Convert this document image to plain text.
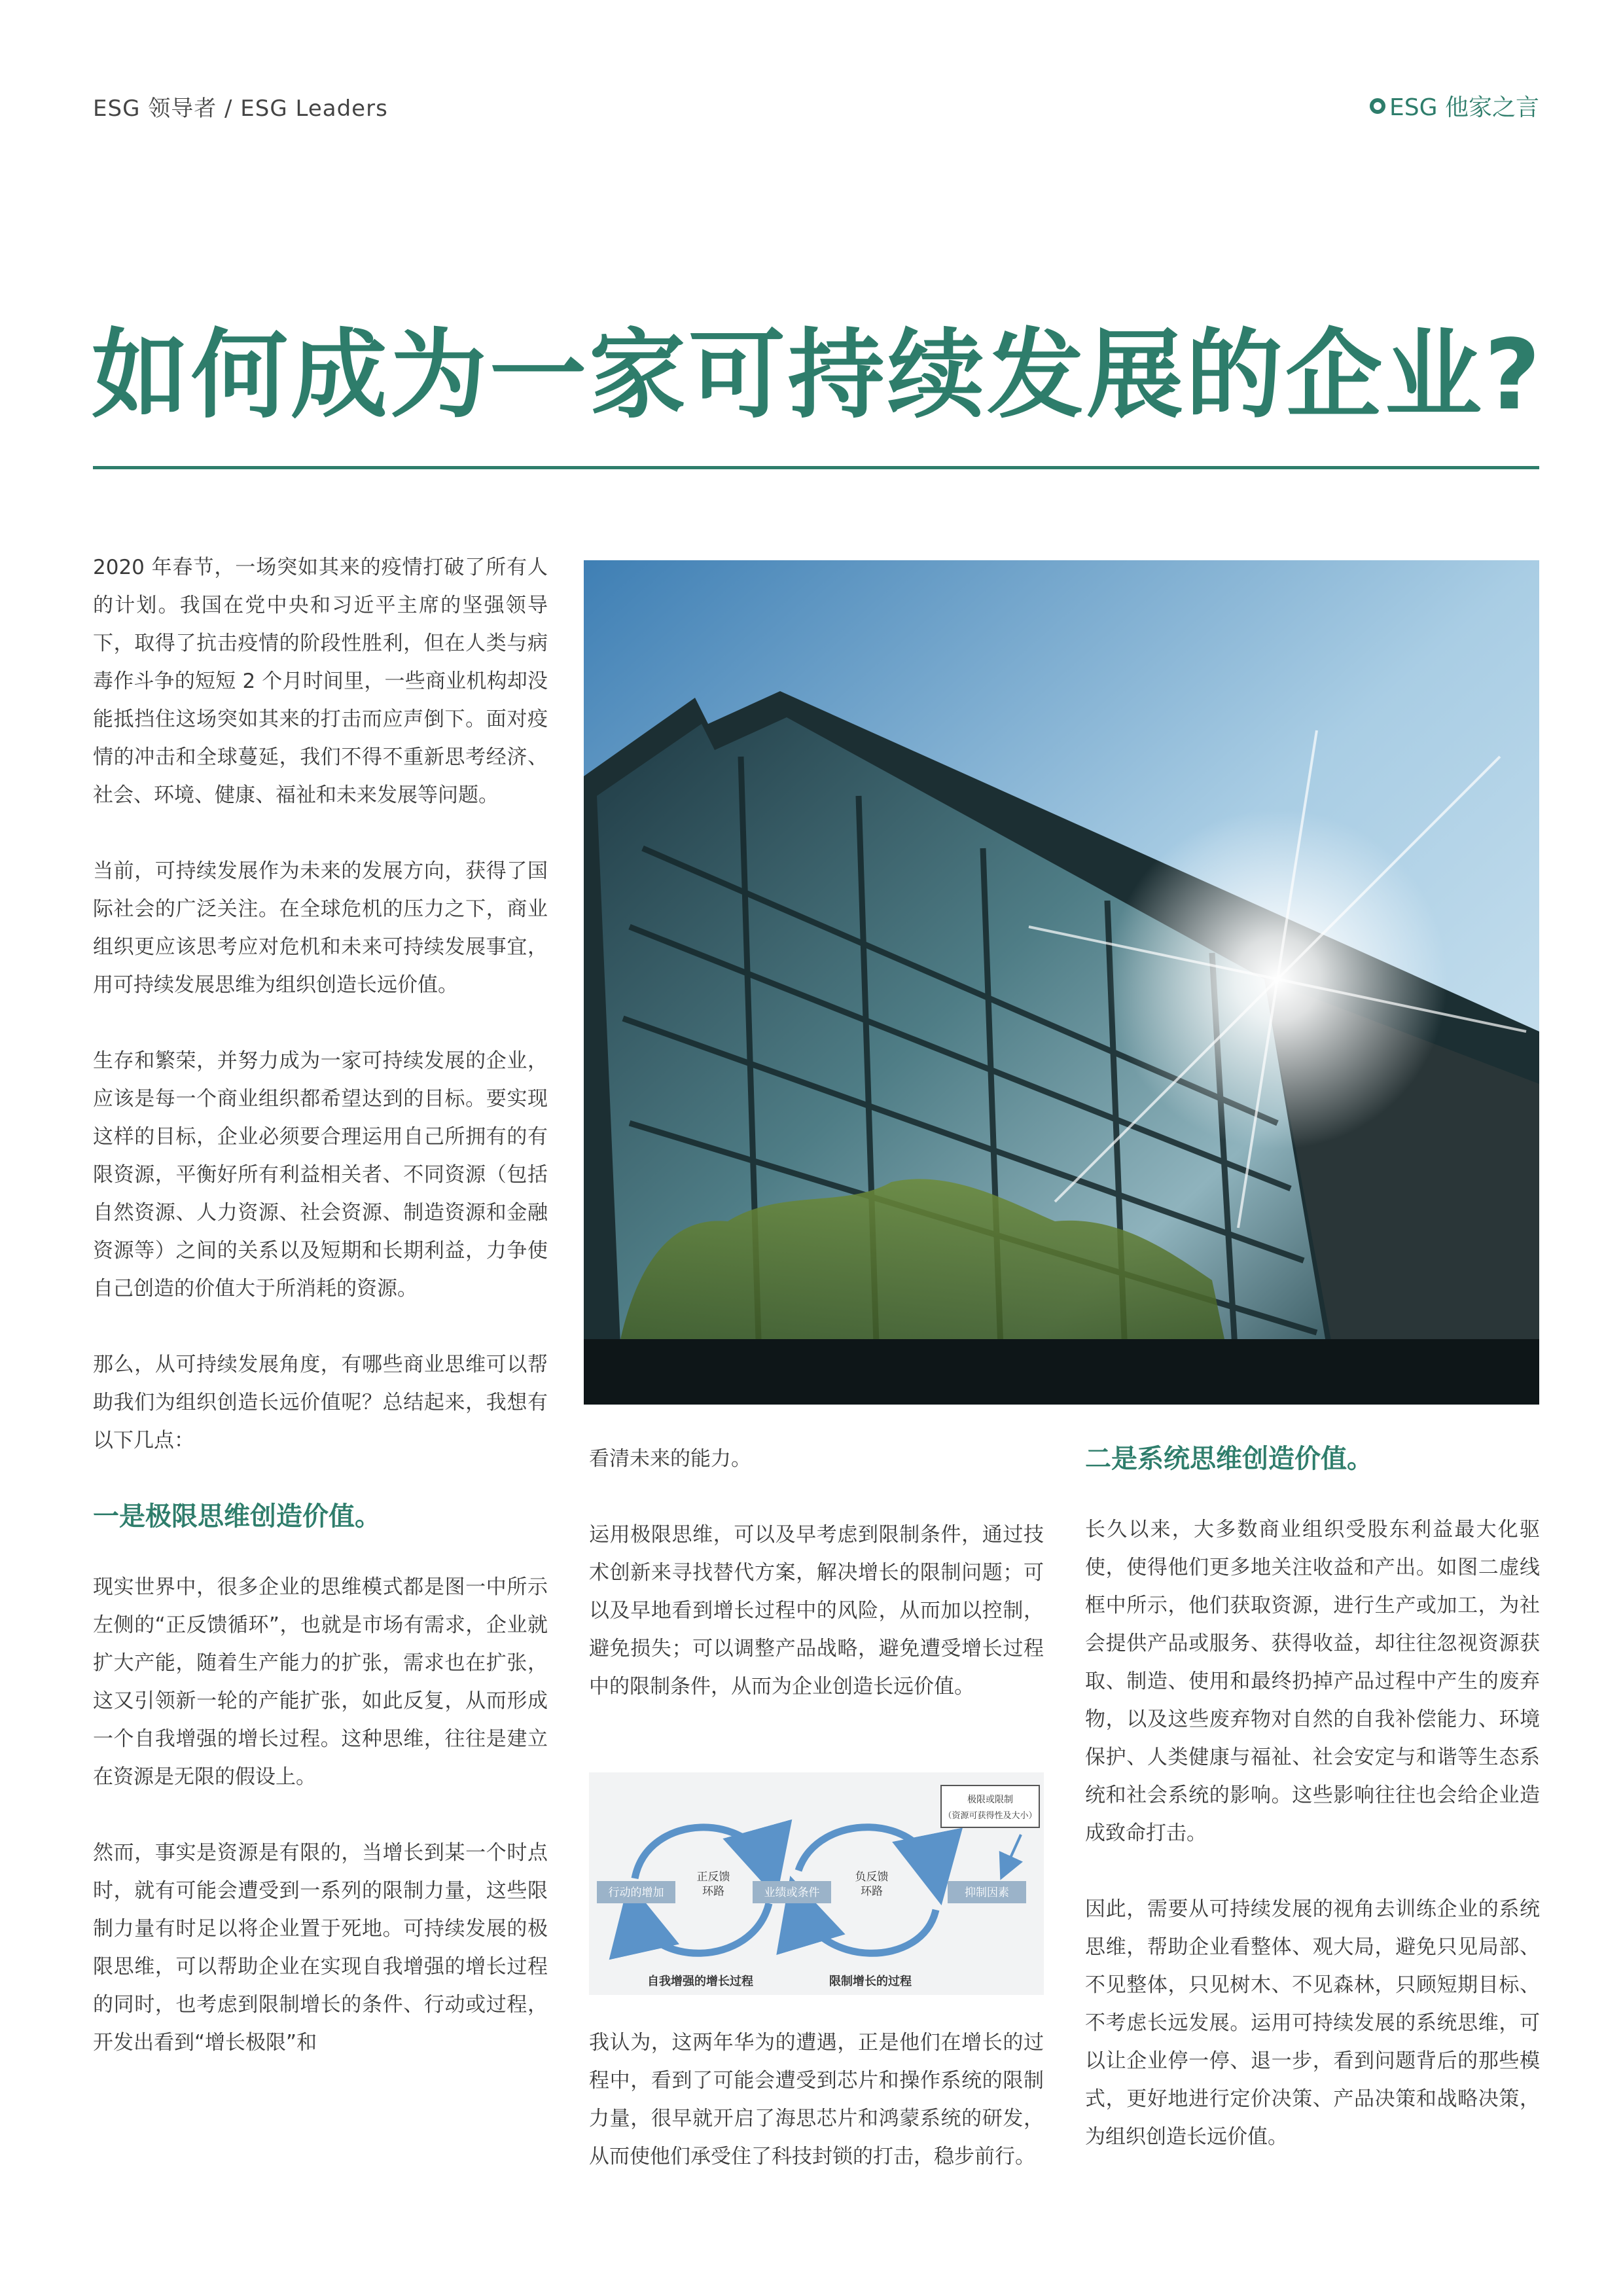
ESG 领导者 / ESG Leaders	ESG 他家之言
如何成为一家可持续发展的企业?

2020 年春节，一场突如其来的疫情打破了所有人的计划。我国在党中央和习近平主席的坚强领导下，取得了抗击疫情的阶段性胜利，但在人类与病毒作斗争的短短 2 个月时间里，一些商业机构却没能抵挡住这场突如其来的打击而应声倒下。面对疫情的冲击和全球蔓延，我们不得不重新思考经济、社会、环境、健康、福祉和未来发展等问题。

当前，可持续发展作为未来的发展方向，获得了国际社会的广泛关注。在全球危机的压力之下，商业组织更应该思考应对危机和未来可持续发展事宜，用可持续发展思维为组织创造长远价值。

生存和繁荣，并努力成为一家可持续发展的企业，应该是每一个商业组织都希望达到的目标。要实现这样的目标，企业必须要合理运用自己所拥有的有限资源，平衡好所有利益相关者、不同资源（包括自然资源、人力资源、社会资源、制造资源和金融资源等）之间的关系以及短期和长期利益，力争使自己创造的价值大于所消耗的资源。

那么，从可持续发展角度，有哪些商业思维可以帮助我们为组织创造长远价值呢？总结起来，我想有以下几点：

一是极限思维创造价值。

现实世界中，很多企业的思维模式都是图一中所示左侧的“正反馈循环”，也就是市场有需求，企业就扩大产能，随着生产能力的扩张，需求也在扩张，这又引领新一轮的产能扩张，如此反复，从而形成一个自我增强的增长过程。这种思维，往往是建立在资源是无限的假设上。

然而，事实是资源是有限的，当增长到某一个时点时，就有可能会遭受到一系列的限制力量，这些限制力量有时足以将企业置于死地。可持续发展的极限思维，可以帮助企业在实现自我增强的增长过程的同时，也考虑到限制增长的条件、行动或过程，开发出看到“增长极限”和

看清未来的能力。

运用极限思维，可以及早考虑到限制条件，通过技术创新来寻找替代方案，解决增长的限制问题；可以及早地看到增长过程中的风险，从而加以控制，避免损失；可以调整产品战略，避免遭受增长过程中的限制条件，从而为企业创造长远价值。

我认为，这两年华为的遭遇，正是他们在增长的过程中，看到了可能会遭受到芯片和操作系统的限制力量，很早就开启了海思芯片和鸿蒙系统的研发，从而使他们承受住了科技封锁的打击，稳步前行。

行动的增加	业绩或条件	抑制因素
正反馈
环路
负反馈
环路
极限或限制
（资源可获得性及大小）
自我增强的增长过程	限制增长的过程
二是系统思维创造价值。

长久以来，大多数商业组织受股东利益最大化驱使，使得他们更多地关注收益和产出。如图二虚线框中所示，他们获取资源，进行生产或加工，为社会提供产品或服务、获得收益，却往往忽视资源获取、制造、使用和最终扔掉产品过程中产生的废弃物，以及这些废弃物对自然的自我补偿能力、环境保护、人类健康与福祉、社会安定与和谐等生态系统和社会系统的影响。这些影响往往也会给企业造成致命打击。

因此，需要从可持续发展的视角去训练企业的系统思维，帮助企业看整体、观大局，避免只见局部、不见整体，只见树木、不见森林，只顾短期目标、不考虑长远发展。运用可持续发展的系统思维，可以让企业停一停、退一步，看到问题背后的那些模式，更好地进行定价决策、产品决策和战略决策，为组织创造长远价值。
